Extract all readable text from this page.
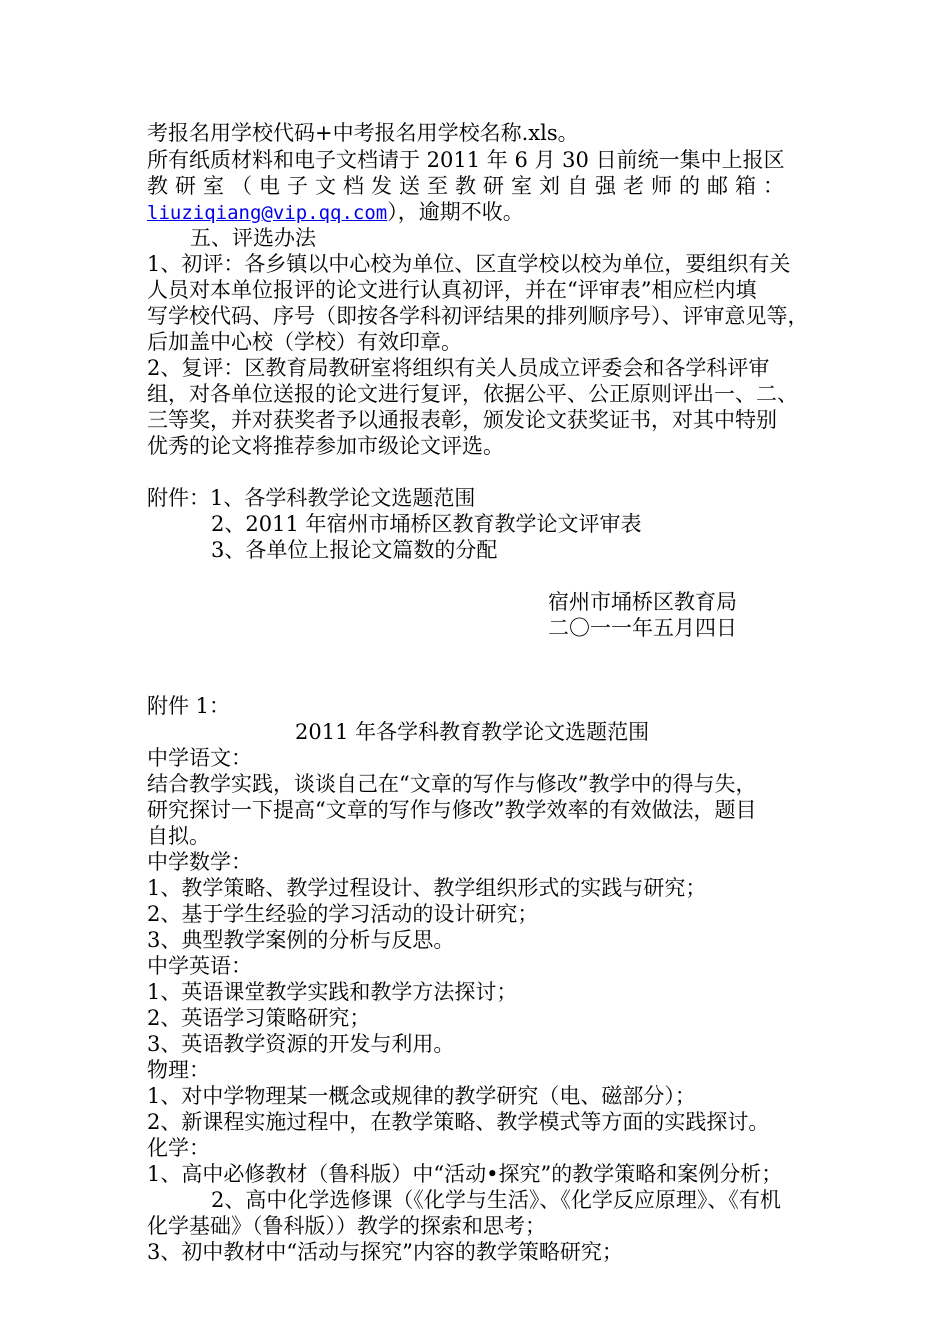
考报名用学校代码+中考报名用学校名称.xls。
所有纸质材料和电子文档请于 2011 年 6 月 30 日前统一集中上报区
教研室（电子文档发送至教研室刘自强老师的邮箱：
liuziqiang@vip.qq.com），逾期不收。
五、评选办法
1、初评：各乡镇以中心校为单位、区直学校以校为单位，要组织有关
人员对本单位报评的论文进行认真初评，并在“评审表”相应栏内填
写学校代码、序号（即按各学科初评结果的排列顺序号）、评审意见等，
后加盖中心校（学校）有效印章。
2、复评：区教育局教研室将组织有关人员成立评委会和各学科评审
组，对各单位送报的论文进行复评，依据公平、公正原则评出一、二、
三等奖，并对获奖者予以通报表彰，颁发论文获奖证书，对其中特别
优秀的论文将推荐参加市级论文评选。
附件：1、各学科教学论文选题范围
2、2011 年宿州市埇桥区教育教学论文评审表
3、各单位上报论文篇数的分配
宿州市埇桥区教育局
二〇一一年五月四日
附件 1：
2011 年各学科教育教学论文选题范围
中学语文：
结合教学实践，谈谈自己在“文章的写作与修改”教学中的得与失，
研究探讨一下提高“文章的写作与修改”教学效率的有效做法，题目
自拟。
中学数学：
1、教学策略、教学过程设计、教学组织形式的实践与研究；
2、基于学生经验的学习活动的设计研究；
3、典型教学案例的分析与反思。
中学英语：
1、英语课堂教学实践和教学方法探讨；
2、英语学习策略研究；
3、英语教学资源的开发与利用。
物理：
1、对中学物理某一概念或规律的教学研究（电、磁部分）；
2、新课程实施过程中，在教学策略、教学模式等方面的实践探讨。
化学：
1、高中必修教材（鲁科版）中“活动•探究”的教学策略和案例分析；
2、高中化学选修课（《化学与生活》、《化学反应原理》、《有机
化学基础》（鲁科版））教学的探索和思考；
3、初中教材中“活动与探究”内容的教学策略研究；
